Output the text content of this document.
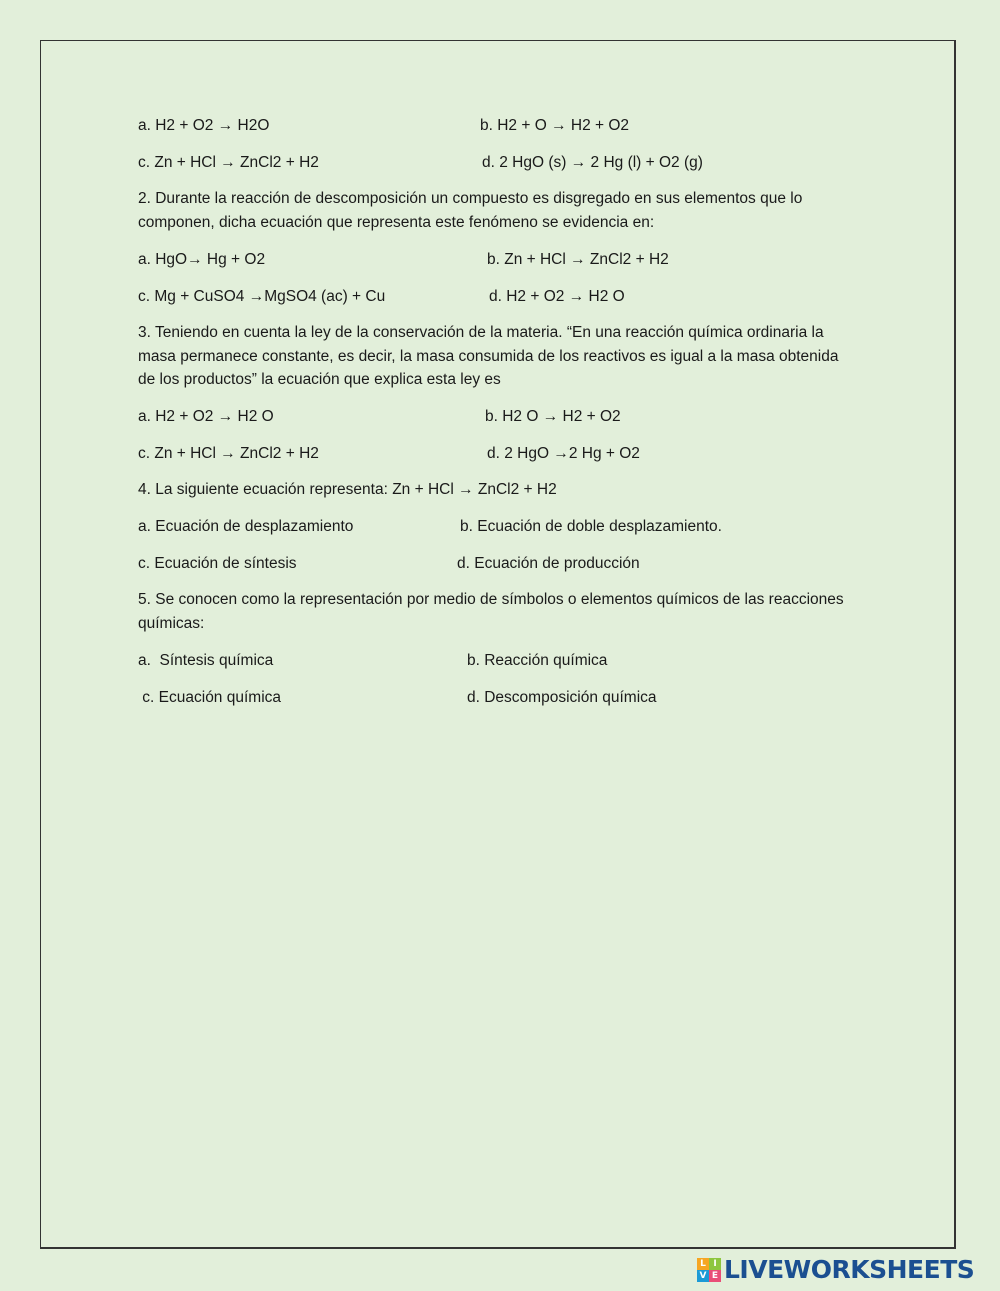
a. H2 + O2 → H2O	b. H2 + O → H2 + O2
c. Zn + HCl → ZnCl2 + H2	d. 2 HgO (s) → 2 Hg (l) + O2 (g)
2. Durante la reacción de descomposición un compuesto es disgregado en sus elementos que lo componen, dicha ecuación que representa este fenómeno se evidencia en:
a. HgO→ Hg + O2	b. Zn + HCl → ZnCl2 + H2
c. Mg + CuSO4 →MgSO4 (ac) + Cu	d. H2 + O2 → H2 O
3. Teniendo en cuenta la ley de la conservación de la materia. “En una reacción química ordinaria la masa permanece constante, es decir, la masa consumida de los reactivos es igual a la masa obtenida de los productos” la ecuación que explica esta ley es
a. H2 + O2 → H2 O	b. H2 O → H2 + O2
c. Zn + HCl → ZnCl2 + H2	d. 2 HgO →2 Hg + O2
4. La siguiente ecuación representa: Zn + HCl → ZnCl2 + H2
a. Ecuación de desplazamiento	b. Ecuación de doble desplazamiento.
c. Ecuación de síntesis	d. Ecuación de producción
5. Se conocen como la representación por medio de símbolos o elementos químicos de las reacciones químicas:
a.  Síntesis química	b. Reacción química
c. Ecuación química	d. Descomposición química
L I
V E LIVEWORKSHEETS
